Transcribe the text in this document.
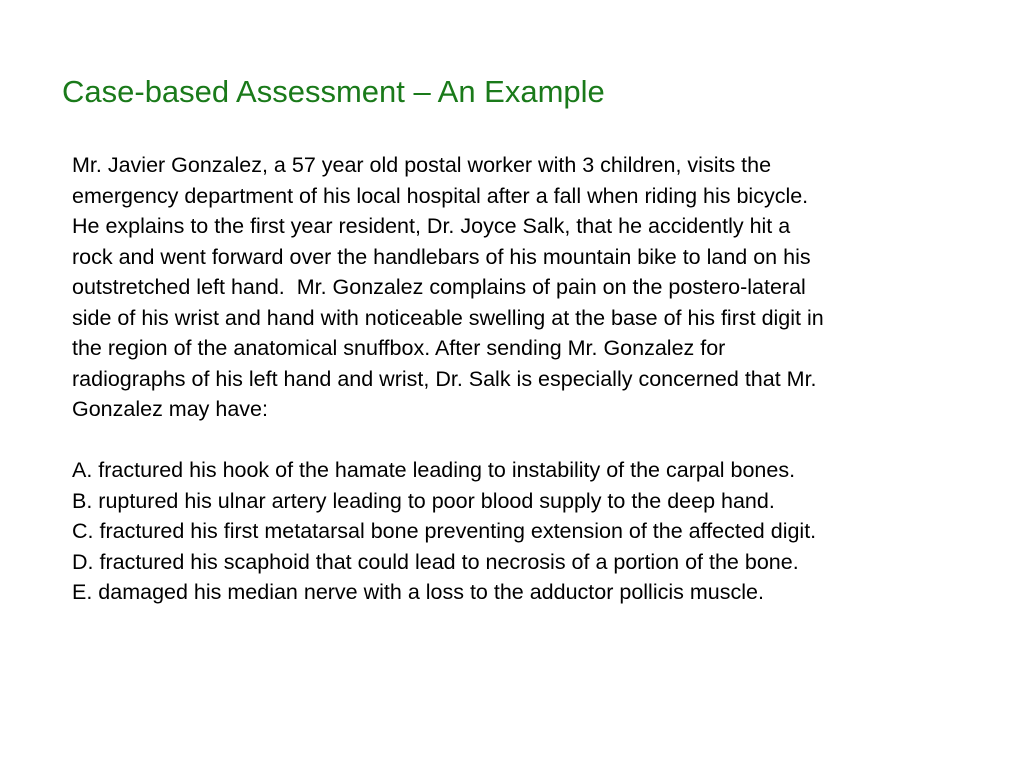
Case-based Assessment – An Example
Mr. Javier Gonzalez, a 57 year old postal worker with 3 children, visits the
emergency department of his local hospital after a fall when riding his bicycle.
He explains to the first year resident, Dr. Joyce Salk, that he accidently hit a
rock and went forward over the handlebars of his mountain bike to land on his
outstretched left hand.  Mr. Gonzalez complains of pain on the postero-lateral
side of his wrist and hand with noticeable swelling at the base of his first digit in
the region of the anatomical snuffbox. After sending Mr. Gonzalez for
radiographs of his left hand and wrist, Dr. Salk is especially concerned that Mr.
Gonzalez may have:
A. fractured his hook of the hamate leading to instability of the carpal bones.
B. ruptured his ulnar artery leading to poor blood supply to the deep hand.
C. fractured his first metatarsal bone preventing extension of the affected digit.
D. fractured his scaphoid that could lead to necrosis of a portion of the bone.
E. damaged his median nerve with a loss to the adductor pollicis muscle.
